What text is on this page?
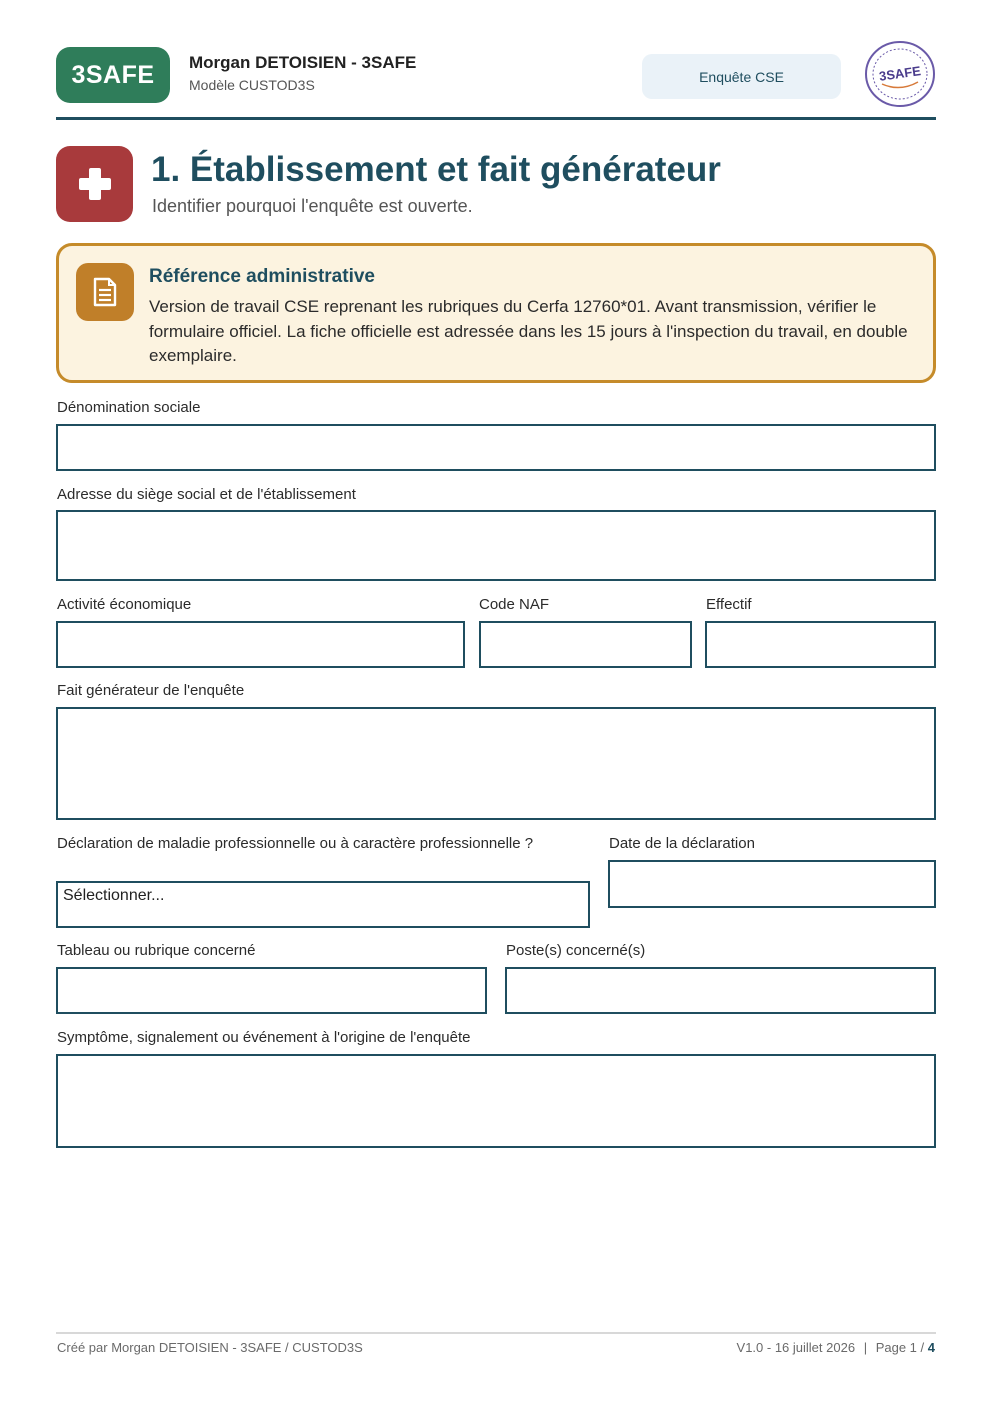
3SAFE	Morgan DETOISIEN - 3SAFE
Modèle CUSTOD3S
Enquête CSE	3SAFE
1. Établissement et fait générateur
Identifier pourquoi l'enquête est ouverte.
Référence administrative
Version de travail CSE reprenant les rubriques du Cerfa 12760*01. Avant transmission, vérifier le formulaire officiel. La fiche officielle est adressée dans les 15 jours à l'inspection du travail, en double exemplaire.
Dénomination sociale
Adresse du siège social et de l'établissement
Activité économique	Code NAF	Effectif
Fait générateur de l'enquête
Déclaration de maladie professionnelle ou à caractère professionnelle ?
Sélectionner...
Date de la déclaration
Tableau ou rubrique concerné	Poste(s) concerné(s)
Symptôme, signalement ou événement à l'origine de l'enquête
Créé par Morgan DETOISIEN - 3SAFE / CUSTOD3S	V1.0 - 16 juillet 2026 | Page 1 / 4
